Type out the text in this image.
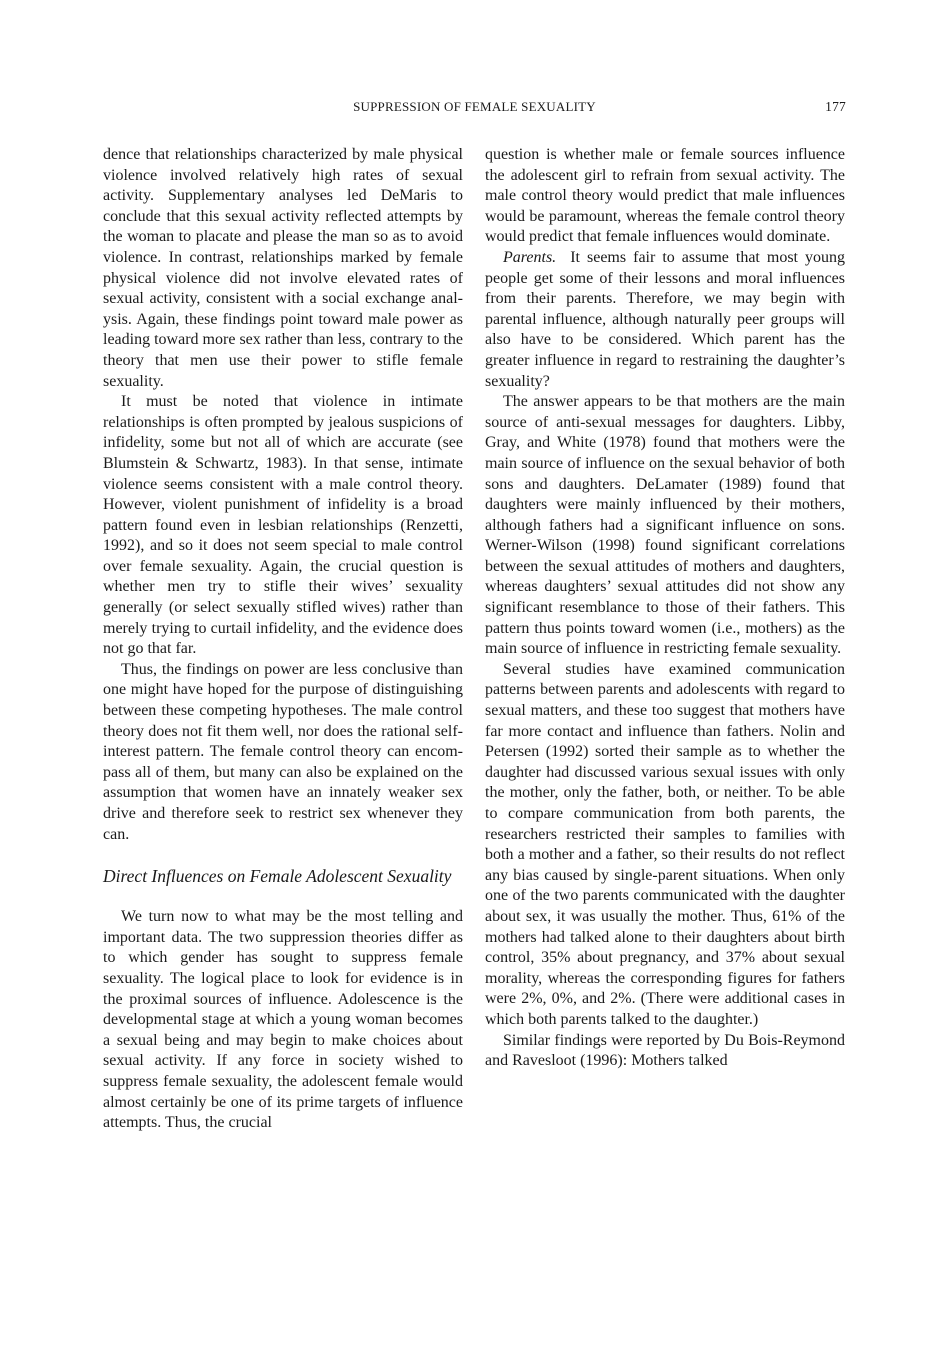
SUPPRESSION OF FEMALE SEXUALITY	177

dence that relationships characterized by male physical violence involved relatively high rates of sexual activity. Supplementary analyses led DeMaris to conclude that this sexual activity reflected attempts by the woman to placate and please the man so as to avoid violence. In contrast, relationships marked by female physical violence did not involve elevated rates of sexual activity, consistent with a social exchange analysis. Again, these findings point toward male power as leading toward more sex rather than less, contrary to the theory that men use their power to stifle female sexuality.

It must be noted that violence in intimate relationships is often prompted by jealous suspicions of infidelity, some but not all of which are accurate (see Blumstein & Schwartz, 1983). In that sense, intimate violence seems consistent with a male control theory. However, violent punishment of infidelity is a broad pattern found even in lesbian relationships (Renzetti, 1992), and so it does not seem special to male control over female sexuality. Again, the crucial question is whether men try to stifle their wives’ sexuality generally (or select sexually stifled wives) rather than merely trying to curtail infidelity, and the evidence does not go that far.

Thus, the findings on power are less conclusive than one might have hoped for the purpose of distinguishing between these competing hypotheses. The male control theory does not fit them well, nor does the rational self-interest pattern. The female control theory can encompass all of them, but many can also be explained on the assumption that women have an innately weaker sex drive and therefore seek to restrict sex whenever they can.

Direct Influences on Female Adolescent Sexuality

We turn now to what may be the most telling and important data. The two suppression theories differ as to which gender has sought to suppress female sexuality. The logical place to look for evidence is in the proximal sources of influence. Adolescence is the developmental stage at which a young woman becomes a sexual being and may begin to make choices about sexual activity. If any force in society wished to suppress female sexuality, the adolescent female would almost certainly be one of its prime targets of influence attempts. Thus, the crucial

question is whether male or female sources influence the adolescent girl to refrain from sexual activity. The male control theory would predict that male influences would be paramount, whereas the female control theory would predict that female influences would dominate.

Parents. It seems fair to assume that most young people get some of their lessons and moral influences from their parents. Therefore, we may begin with parental influence, although naturally peer groups will also have to be considered. Which parent has the greater influence in regard to restraining the daughter’s sexuality?

The answer appears to be that mothers are the main source of anti-sexual messages for daughters. Libby, Gray, and White (1978) found that mothers were the main source of influence on the sexual behavior of both sons and daughters. DeLamater (1989) found that daughters were mainly influenced by their mothers, although fathers had a significant influence on sons. Werner-Wilson (1998) found significant correlations between the sexual attitudes of mothers and daughters, whereas daughters’ sexual attitudes did not show any significant resemblance to those of their fathers. This pattern thus points toward women (i.e., mothers) as the main source of influence in restricting female sexuality.

Several studies have examined communication patterns between parents and adolescents with regard to sexual matters, and these too suggest that mothers have far more contact and influence than fathers. Nolin and Petersen (1992) sorted their sample as to whether the daughter had discussed various sexual issues with only the mother, only the father, both, or neither. To be able to compare communication from both parents, the researchers restricted their samples to families with both a mother and a father, so their results do not reflect any bias caused by single-parent situations. When only one of the two parents communicated with the daughter about sex, it was usually the mother. Thus, 61% of the mothers had talked alone to their daughters about birth control, 35% about pregnancy, and 37% about sexual morality, whereas the corresponding figures for fathers were 2%, 0%, and 2%. (There were additional cases in which both parents talked to the daughter.)

Similar findings were reported by Du Bois-Reymond and Ravesloot (1996): Mothers talked
